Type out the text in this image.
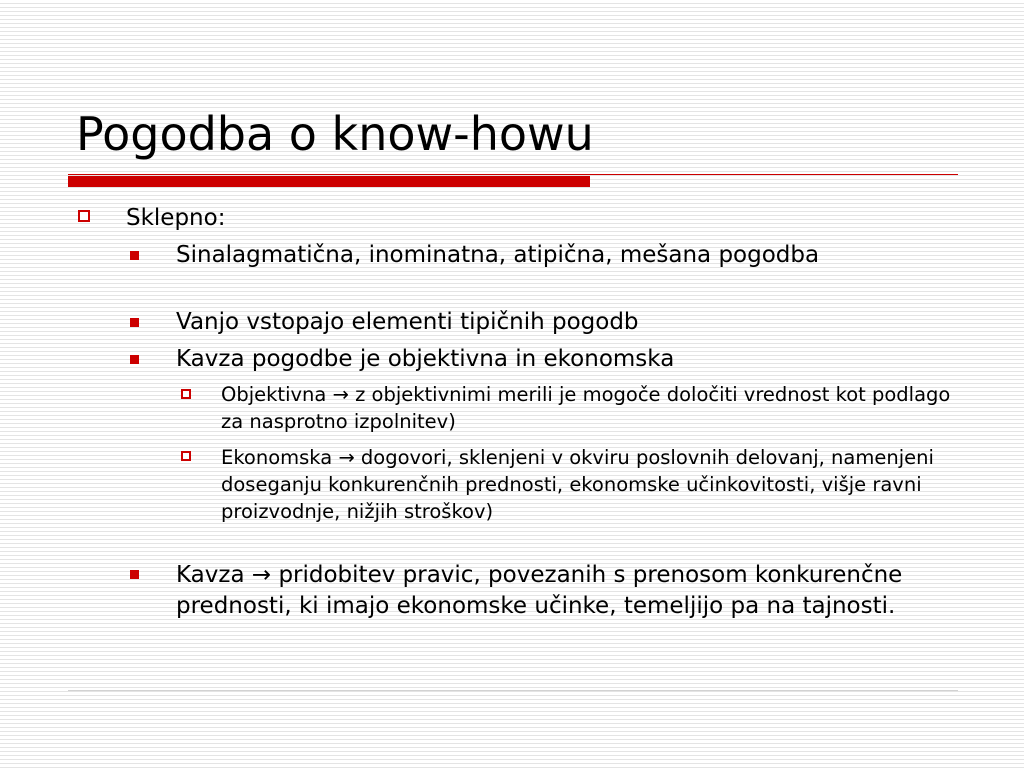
Pogodba o know-howu

Sklepno:

Sinalagmatična, inominatna, atipična, mešana pogodba

Vanjo vstopajo elementi tipičnih pogodb

Kavza pogodbe je objektivna in ekonomska

Objektivna → z objektivnimi merili je mogoče določiti vrednost kot podlago za nasprotno izpolnitev)

Ekonomska → dogovori, sklenjeni v okviru poslovnih delovanj, namenjeni doseganju konkurenčnih prednosti, ekonomske učinkovitosti, višje ravni proizvodnje, nižjih stroškov)

Kavza → pridobitev pravic, povezanih s prenosom konkurenčne prednosti, ki imajo ekonomske učinke, temeljijo pa na tajnosti.
